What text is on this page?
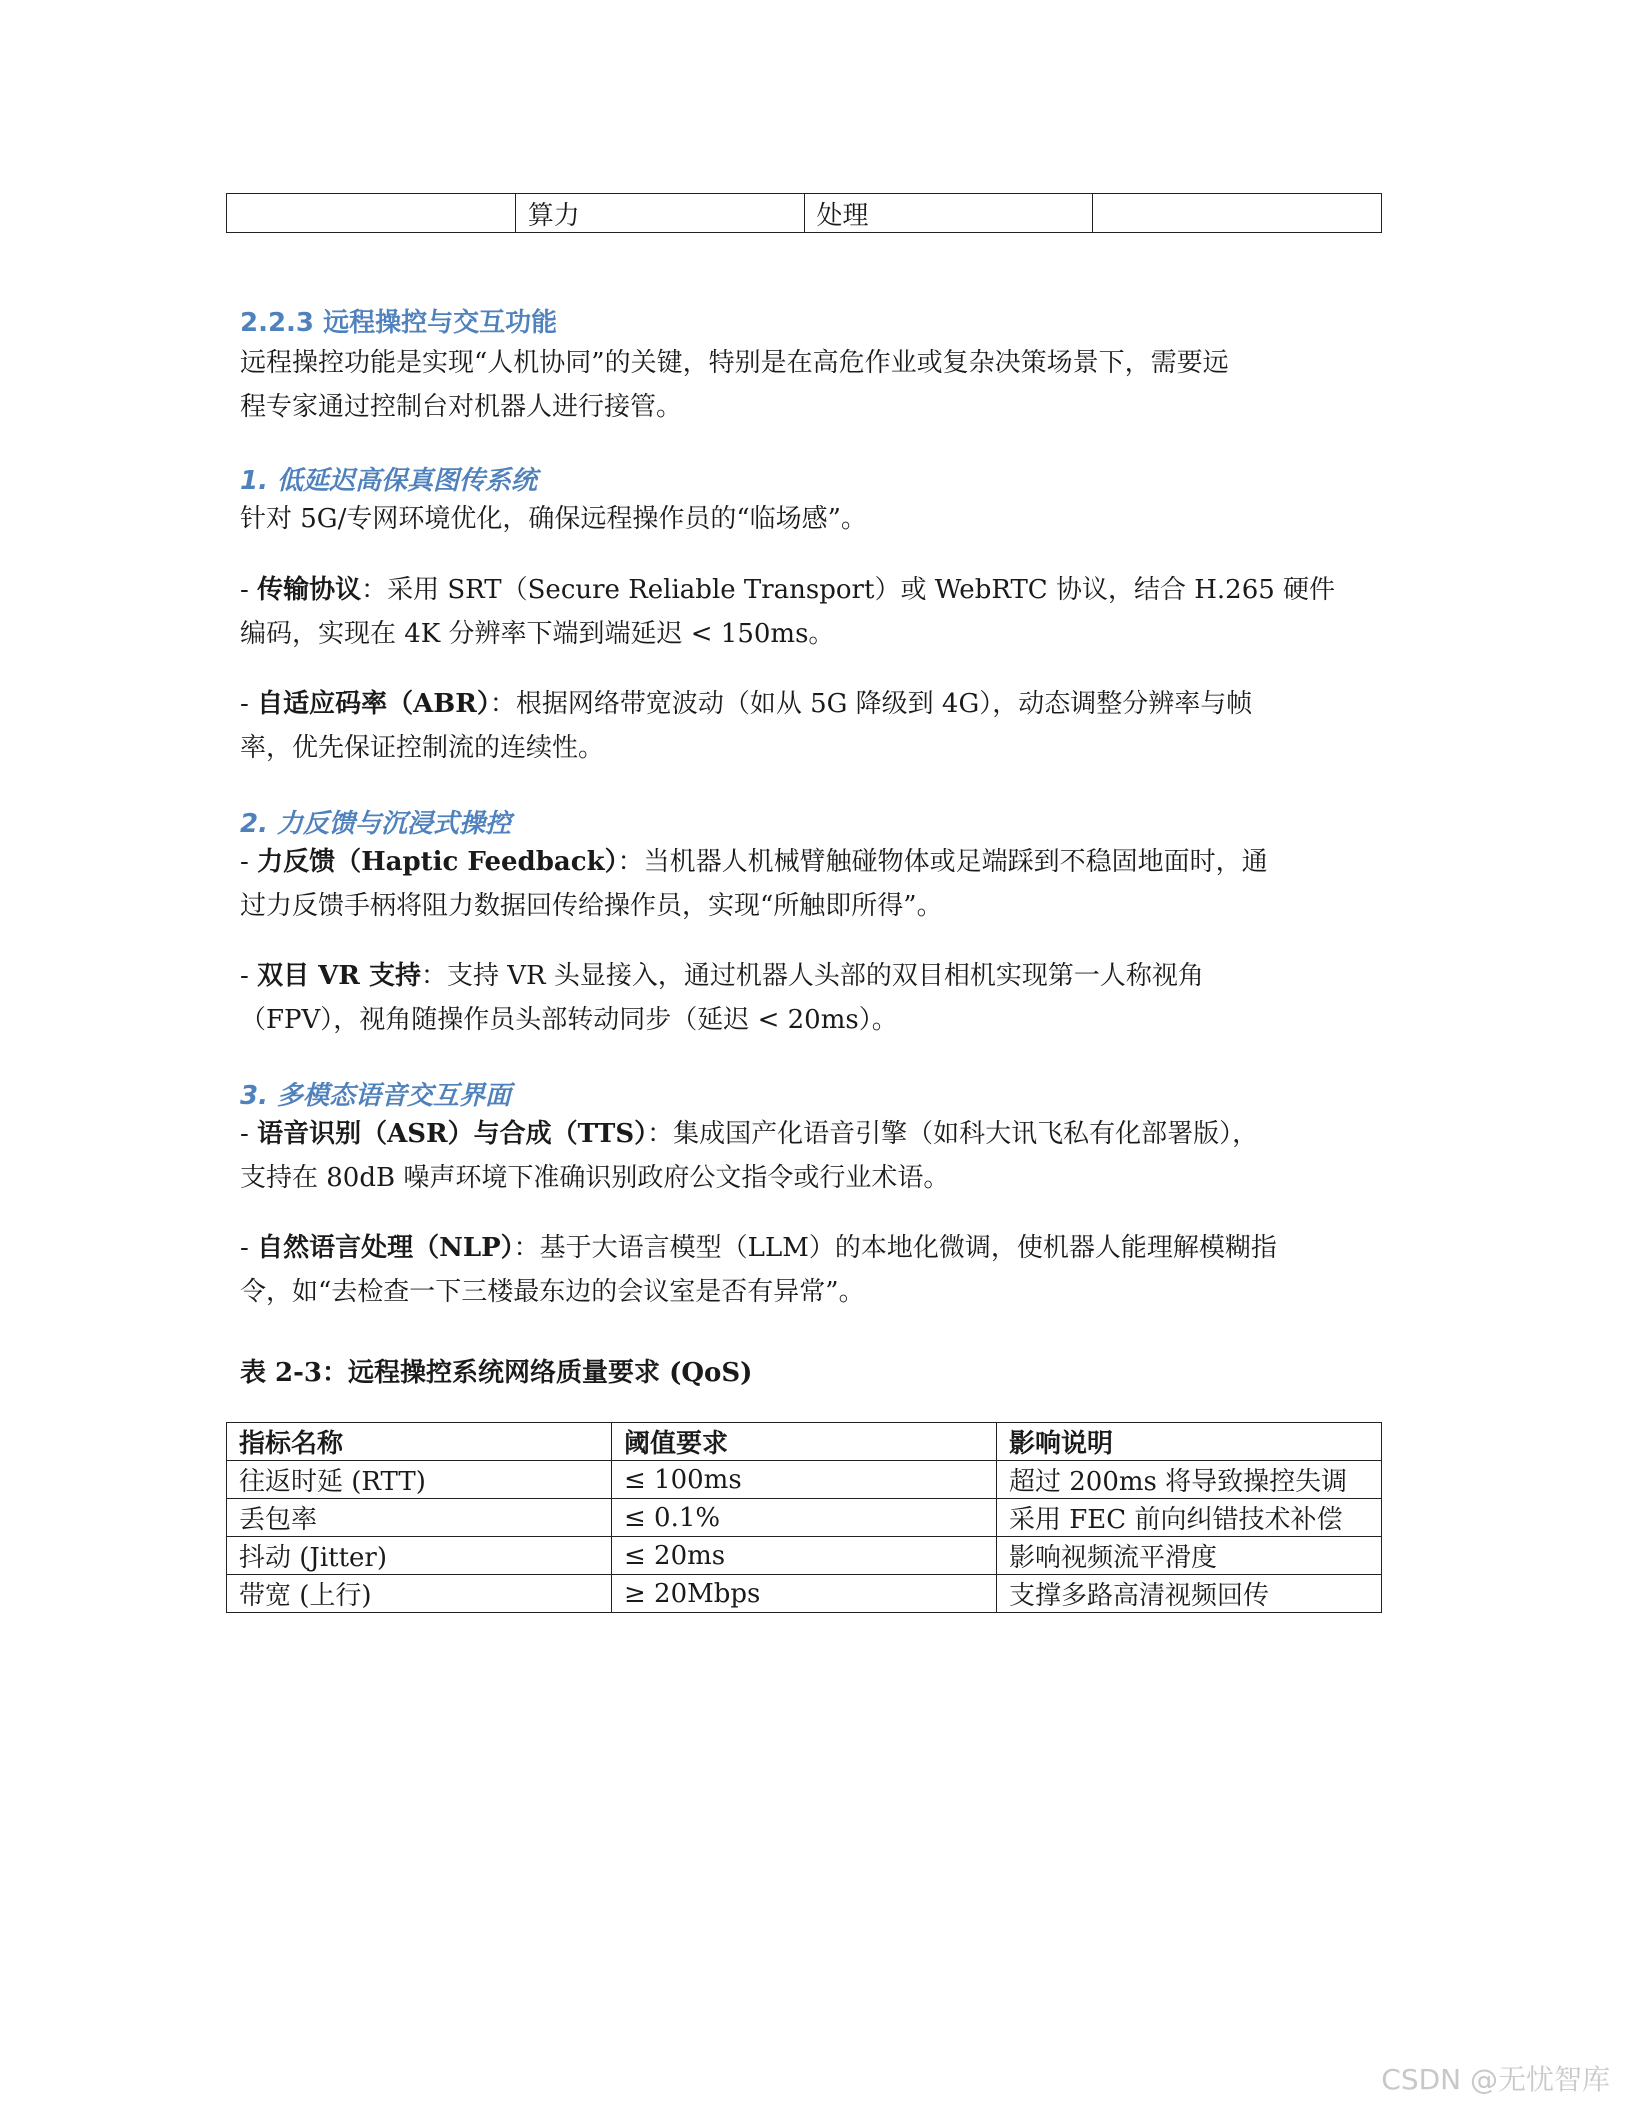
	算力	处理	
2.2.3 远程操控与交互功能

远程操控功能是实现“人机协同”的关键，特别是在高危作业或复杂决策场景下，需要远
程专家通过控制台对机器人进行接管。

1. 低延迟高保真图传系统

针对 5G/专网环境优化，确保远程操作员的“临场感”。

- 传输协议：采用 SRT（Secure Reliable Transport）或 WebRTC 协议，结合 H.265 硬件
编码，实现在 4K 分辨率下端到端延迟 < 150ms。

- 自适应码率（ABR）：根据网络带宽波动（如从 5G 降级到 4G），动态调整分辨率与帧
率，优先保证控制流的连续性。

2. 力反馈与沉浸式操控

- 力反馈（Haptic Feedback）：当机器人机械臂触碰物体或足端踩到不稳固地面时，通
过力反馈手柄将阻力数据回传给操作员，实现“所触即所得”。

- 双目 VR 支持：支持 VR 头显接入，通过机器人头部的双目相机实现第一人称视角
（FPV），视角随操作员头部转动同步（延迟 < 20ms）。

3. 多模态语音交互界面

- 语音识别（ASR）与合成（TTS）：集成国产化语音引擎（如科大讯飞私有化部署版），
支持在 80dB 噪声环境下准确识别政府公文指令或行业术语。

- 自然语言处理（NLP）：基于大语言模型（LLM）的本地化微调，使机器人能理解模糊指
令，如“去检查一下三楼最东边的会议室是否有异常”。

表 2-3：远程操控系统网络质量要求 (QoS)
指标名称	阈值要求	影响说明
往返时延 (RTT)	≤ 100ms	超过 200ms 将导致操控失调
丢包率	≤ 0.1%	采用 FEC 前向纠错技术补偿
抖动 (Jitter)	≤ 20ms	影响视频流平滑度
带宽 (上行)	≥ 20Mbps	支撑多路高清视频回传
CSDN @无忧智库
